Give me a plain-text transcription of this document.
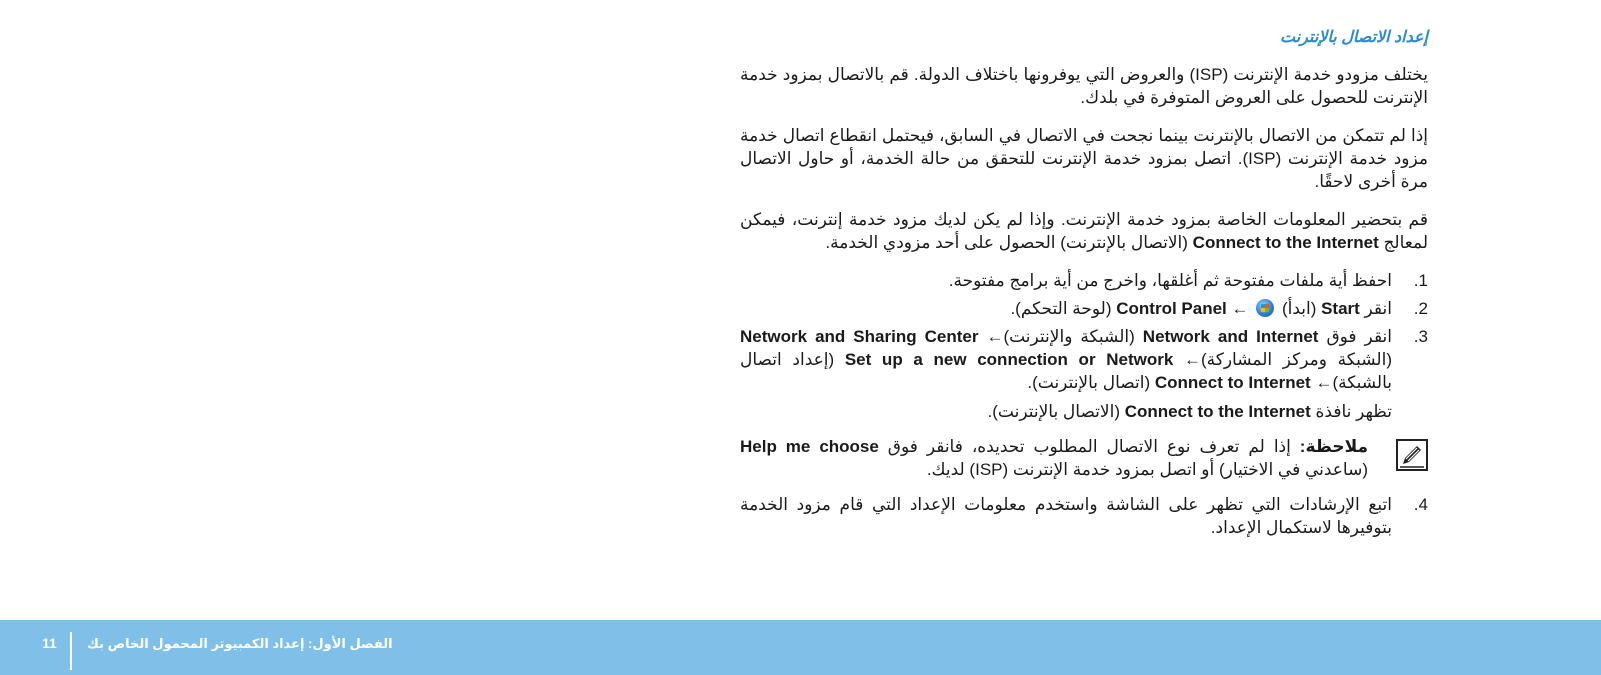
إعداد الاتصال بالإنترنت

يختلف مزودو خدمة الإنترنت (ISP) والعروض التي يوفرونها باختلاف الدولة. قم بالاتصال بمزود خدمة الإنترنت للحصول على العروض المتوفرة في بلدك.

إذا لم تتمكن من الاتصال بالإنترنت بينما نجحت في الاتصال في السابق، فيحتمل انقطاع اتصال خدمة مزود خدمة الإنترنت (ISP). اتصل بمزود خدمة الإنترنت للتحقق من حالة الخدمة، أو حاول الاتصال مرة أخرى لاحقًا.

قم بتحضير المعلومات الخاصة بمزود خدمة الإنترنت. وإذا لم يكن لديك مزود خدمة إنترنت، فيمكن لمعالج Connect to the Internet (الاتصال بالإنترنت) الحصول على أحد مزودي الخدمة.

1.
احفظ أية ملفات مفتوحة ثم أغلقها، واخرج من أية برامج مفتوحة.
2.
انقر Start (ابدأ)  ← Control Panel (لوحة التحكم).
3.
انقر فوق Network and Internet (الشبكة والإنترنت)← Network and Sharing Center (الشبكة ومركز المشاركة)← Set up a new connection or Network (إعداد اتصال بالشبكة)← Connect to Internet (اتصال بالإنترنت).
تظهر نافذة Connect to the Internet (الاتصال بالإنترنت).
ملاحظة: إذا لم تعرف نوع الاتصال المطلوب تحديده، فانقر فوق Help me choose (ساعدني في الاختيار) أو اتصل بمزود خدمة الإنترنت (ISP) لديك.
4.
اتبع الإرشادات التي تظهر على الشاشة واستخدم معلومات الإعداد التي قام مزود الخدمة بتوفيرها لاستكمال الإعداد.
11 الفصل الأول: إعداد الكمبيوتر المحمول الخاص بك
